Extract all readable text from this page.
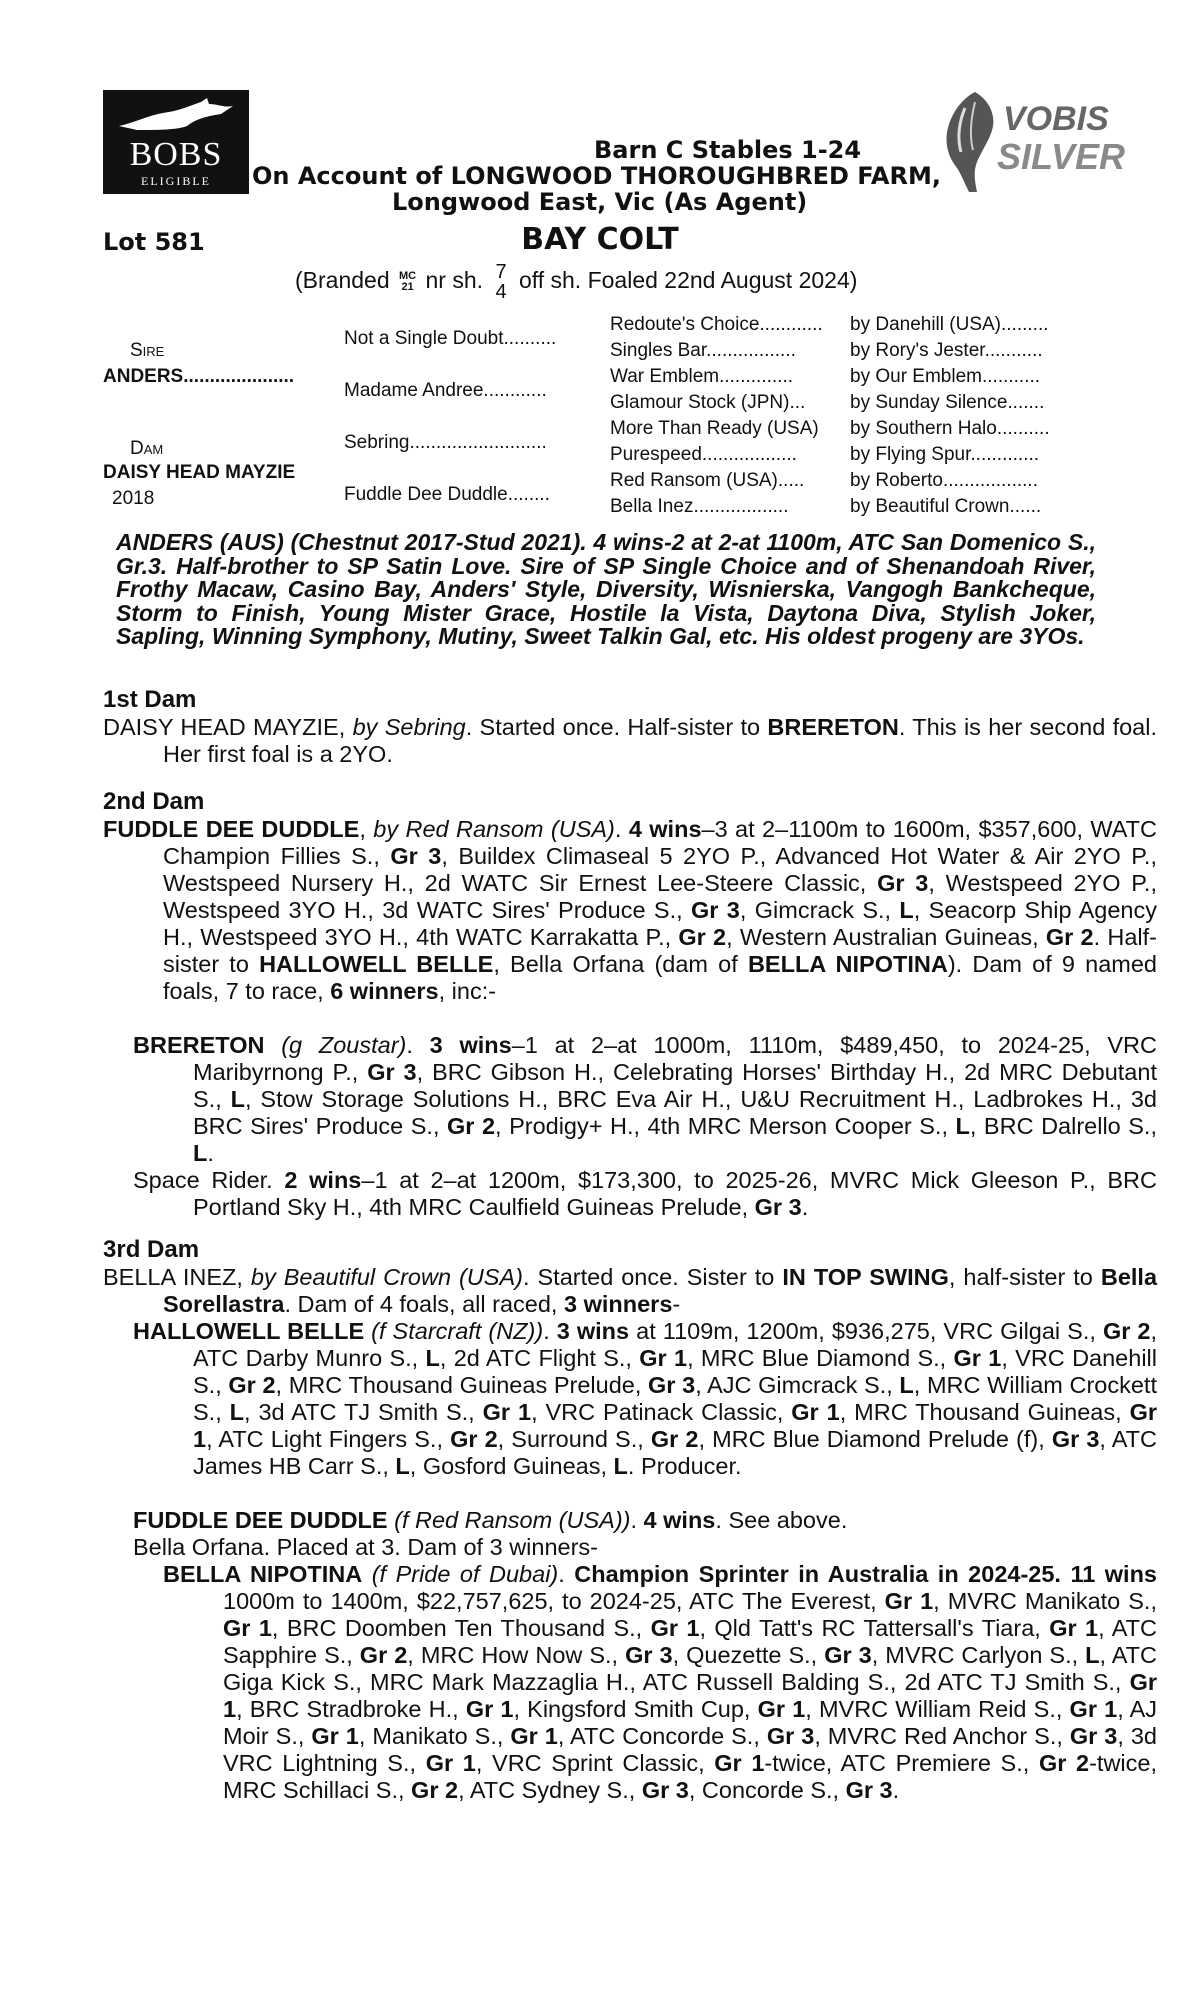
BOBS
ELIGIBLE
VOBIS
SILVER
Barn C Stables 1-24
On Account of LONGWOOD THOROUGHBRED FARM,
Longwood East, Vic (As Agent)
Lot 581	BAY COLT
(Branded MC
21 nr sh. 7
4 off sh. Foaled 22nd August 2024)
Sire
ANDERS.....................
Dam
DAISY HEAD MAYZIE
2018
Not a Single Doubt..........
Madame Andree............
Sebring..........................
Fuddle Dee Duddle........
Redoute's Choice............
Singles Bar.................
War Emblem..............
Glamour Stock (JPN)...
More Than Ready (USA)
Purespeed..................
Red Ransom (USA).....
Bella Inez..................
by Danehill (USA).........
by Rory's Jester...........
by Our Emblem...........
by Sunday Silence.......
by Southern Halo..........
by Flying Spur.............
by Roberto..................
by Beautiful Crown......
ANDERS (AUS) (Chestnut 2017-Stud 2021). 4 wins-2 at 2-at 1100m, ATC San Domenico S., Gr.3. Half-brother to SP Satin Love. Sire of SP Single Choice and of Shenandoah River, Frothy Macaw, Casino Bay, Anders' Style, Diversity, Wisnierska, Vangogh Bankcheque, Storm to Finish, Young Mister Grace, Hostile la Vista, Daytona Diva, Stylish Joker, Sapling, Winning Symphony, Mutiny, Sweet Talkin Gal, etc. His oldest progeny are 3YOs.
1st Dam
DAISY HEAD MAYZIE, by Sebring. Started once. Half-sister to BRERETON. This is her second foal. Her first foal is a 2YO.
2nd Dam
FUDDLE DEE DUDDLE, by Red Ransom (USA). 4 wins–3 at 2–1100m to 1600m, $357,600, WATC Champion Fillies S., Gr 3, Buildex Climaseal 5 2YO P., Advanced Hot Water & Air 2YO P., Westspeed Nursery H., 2d WATC Sir Ernest Lee-Steere Classic, Gr 3, Westspeed 2YO P., Westspeed 3YO H., 3d WATC Sires' Produce S., Gr 3, Gimcrack S., L, Seacorp Ship Agency H., Westspeed 3YO H., 4th WATC Karrakatta P., Gr 2, Western Australian Guineas, Gr 2. Half-sister to HALLOWELL BELLE, Bella Orfana (dam of BELLA NIPOTINA). Dam of 9 named foals, 7 to race, 6 winners, inc:-
BRERETON (g Zoustar). 3 wins–1 at 2–at 1000m, 1110m, $489,450, to 2024-25, VRC Maribyrnong P., Gr 3, BRC Gibson H., Celebrating Horses' Birthday H., 2d MRC Debutant S., L, Stow Storage Solutions H., BRC Eva Air H., U&U Recruitment H., Ladbrokes H., 3d BRC Sires' Produce S., Gr 2, Prodigy+ H., 4th MRC Merson Cooper S., L, BRC Dalrello S., L.
Space Rider. 2 wins–1 at 2–at 1200m, $173,300, to 2025-26, MVRC Mick Gleeson P., BRC Portland Sky H., 4th MRC Caulfield Guineas Prelude, Gr 3.
3rd Dam
BELLA INEZ, by Beautiful Crown (USA). Started once. Sister to IN TOP SWING, half-sister to Bella Sorellastra. Dam of 4 foals, all raced, 3 winners-
HALLOWELL BELLE (f Starcraft (NZ)). 3 wins at 1109m, 1200m, $936,275, VRC Gilgai S., Gr 2, ATC Darby Munro S., L, 2d ATC Flight S., Gr 1, MRC Blue Diamond S., Gr 1, VRC Danehill S., Gr 2, MRC Thousand Guineas Prelude, Gr 3, AJC Gimcrack S., L, MRC William Crockett S., L, 3d ATC TJ Smith S., Gr 1, VRC Patinack Classic, Gr 1, MRC Thousand Guineas, Gr 1, ATC Light Fingers S., Gr 2, Surround S., Gr 2, MRC Blue Diamond Prelude (f), Gr 3, ATC James HB Carr S., L, Gosford Guineas, L. Producer.
FUDDLE DEE DUDDLE (f Red Ransom (USA)). 4 wins. See above.
Bella Orfana. Placed at 3. Dam of 3 winners-
BELLA NIPOTINA (f Pride of Dubai). Champion Sprinter in Australia in 2024-25. 11 wins 1000m to 1400m, $22,757,625, to 2024-25, ATC The Everest, Gr 1, MVRC Manikato S., Gr 1, BRC Doomben Ten Thousand S., Gr 1, Qld Tatt's RC Tattersall's Tiara, Gr 1, ATC Sapphire S., Gr 2, MRC How Now S., Gr 3, Quezette S., Gr 3, MVRC Carlyon S., L, ATC Giga Kick S., MRC Mark Mazzaglia H., ATC Russell Balding S., 2d ATC TJ Smith S., Gr 1, BRC Stradbroke H., Gr 1, Kingsford Smith Cup, Gr 1, MVRC William Reid S., Gr 1, AJ Moir S., Gr 1, Manikato S., Gr 1, ATC Concorde S., Gr 3, MVRC Red Anchor S., Gr 3, 3d VRC Lightning S., Gr 1, VRC Sprint Classic, Gr 1-twice, ATC Premiere S., Gr 2-twice, MRC Schillaci S., Gr 2, ATC Sydney S., Gr 3, Concorde S., Gr 3.
